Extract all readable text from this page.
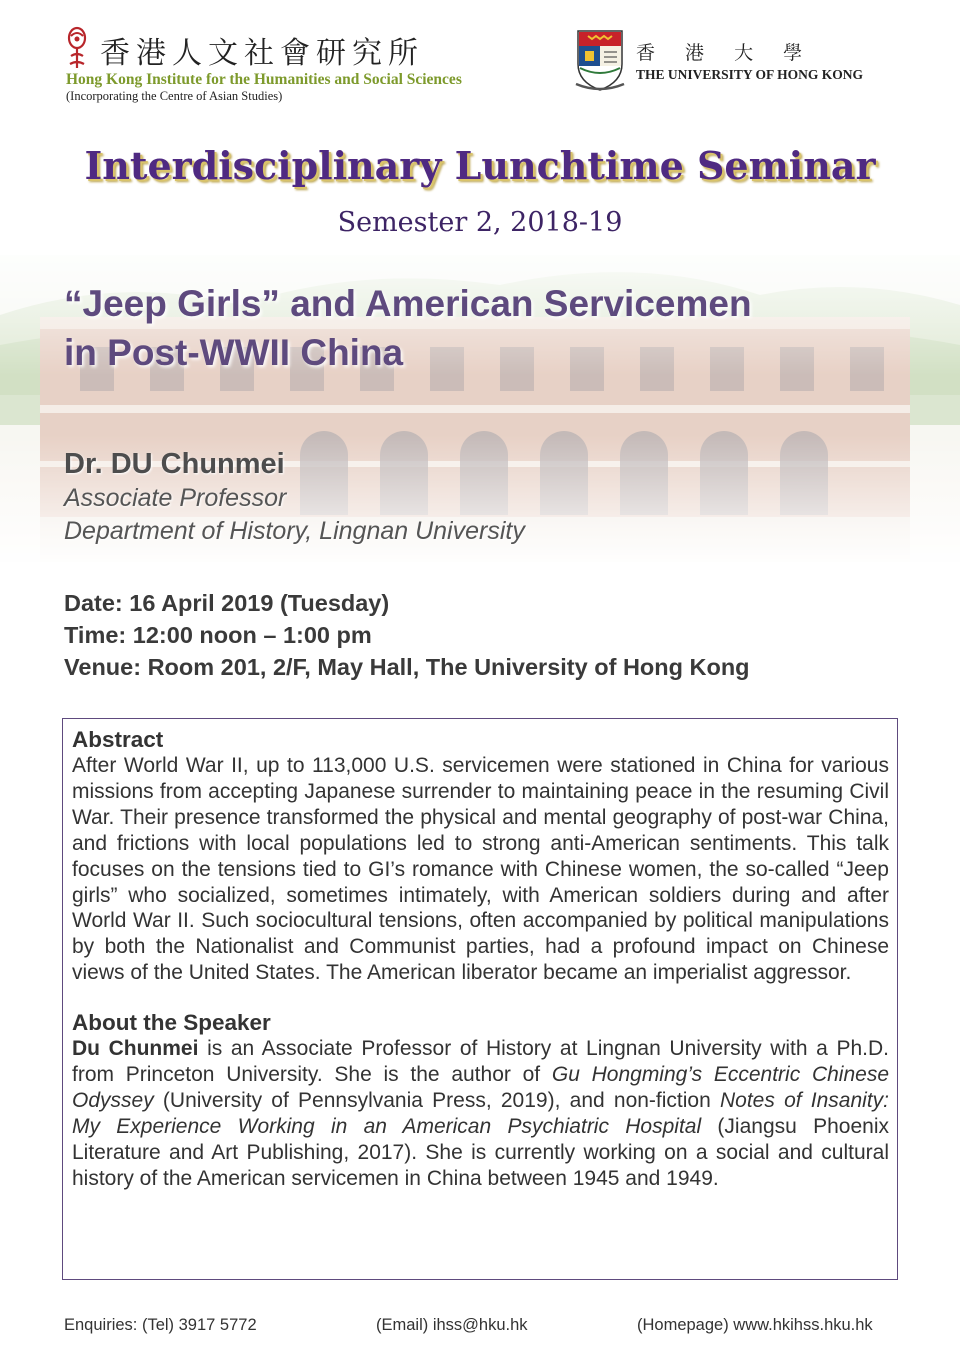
香港人文社會研究所
Hong Kong Institute for the Humanities and Social Sciences
(Incorporating the Centre of Asian Studies)
香 港 大 學
THE UNIVERSITY OF HONG KONG
Interdisciplinary Lunchtime Seminar
Semester 2, 2018-19
“Jeep Girls” and American Servicemen
in Post-WWII China
Dr. DU Chunmei
Associate Professor
Department of History, Lingnan University
Date: 16 April 2019 (Tuesday)
Time: 12:00 noon – 1:00 pm
Venue: Room 201, 2/F, May Hall, The University of Hong Kong
Abstract

After World War II, up to 113,000 U.S. servicemen were stationed in China for various missions from accepting Japanese surrender to maintaining peace in the resuming Civil War. Their presence transformed the physical and mental geography of post-war China, and frictions with local populations led to strong anti-American sentiments. This talk focuses on the tensions tied to GI’s romance with Chinese women, the so-called “Jeep girls” who socialized, sometimes intimately, with American soldiers during and after World War II. Such sociocultural tensions, often accompanied by political manipulations by both the Nationalist and Communist parties, had a profound impact on Chinese views of the United States. The American liberator became an imperialist aggressor.

About the Speaker

Du Chunmei is an Associate Professor of History at Lingnan University with a Ph.D. from Princeton University. She is the author of Gu Hongming’s Eccentric Chinese Odyssey (University of Pennsylvania Press, 2019), and non-fiction Notes of Insanity: My Experience Working in an American Psychiatric Hospital (Jiangsu Phoenix Literature and Art Publishing, 2017). She is currently working on a social and cultural history of the American servicemen in China between 1945 and 1949.

Enquiries: (Tel) 3917 5772	(Email) ihss@hku.hk	(Homepage) www.hkihss.hku.hk
